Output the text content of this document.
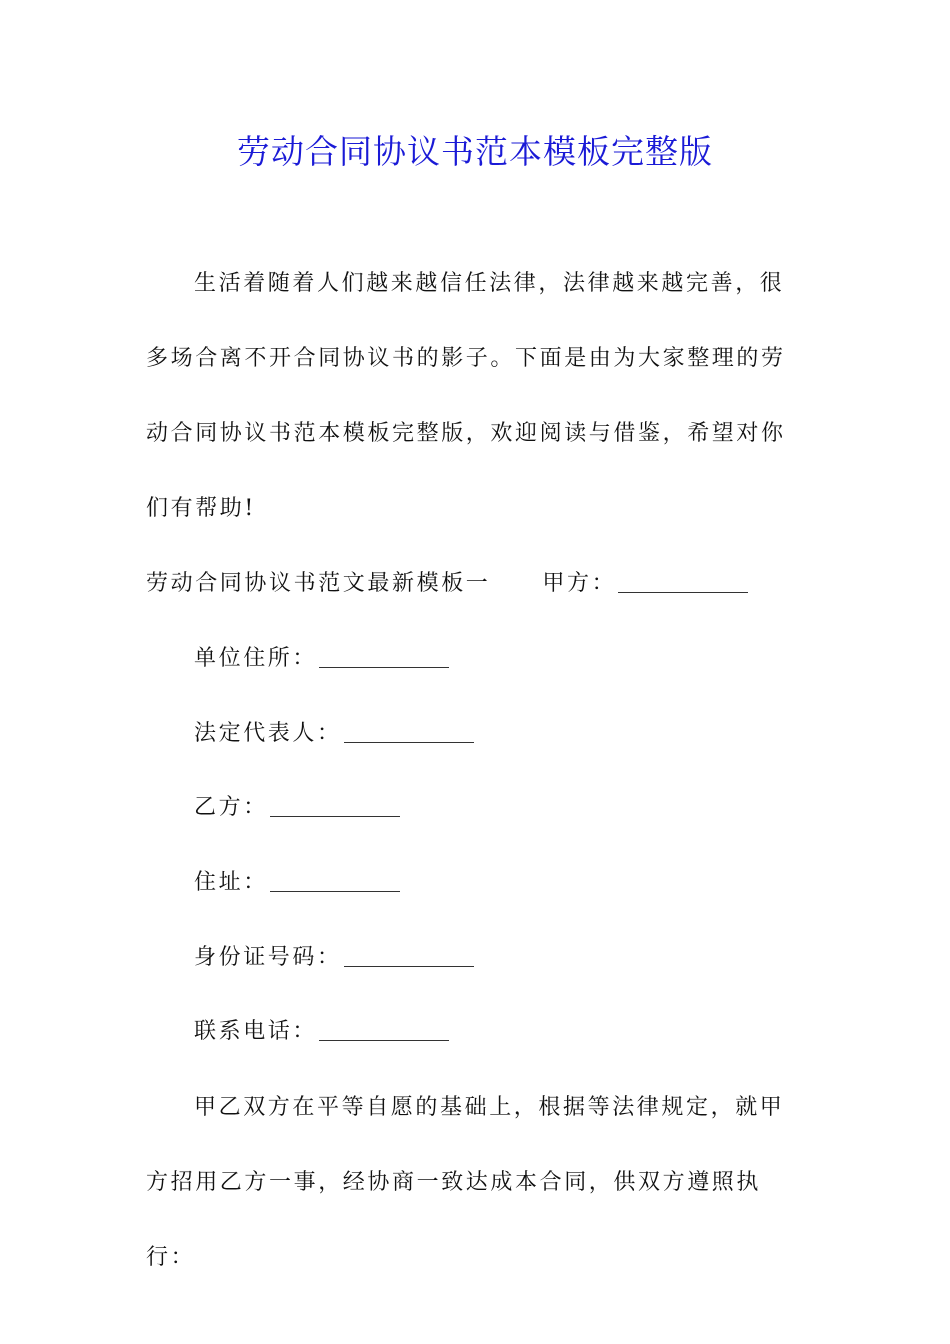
劳动合同协议书范本模板完整版

生活着随着人们越来越信任法律，法律越来越完善，很多场合离不开合同协议书的影子。下面是由为大家整理的劳动合同协议书范本模板完整版，欢迎阅读与借鉴，希望对你们有帮助!

劳动合同协议书范文最新模板一 甲方：
单位住所：
法定代表人：
乙方：
住址：
身份证号码：
联系电话：

甲乙双方在平等自愿的基础上，根据等法律规定，就甲方招用乙方一事，经协商一致达成本合同，供双方遵照执行：
